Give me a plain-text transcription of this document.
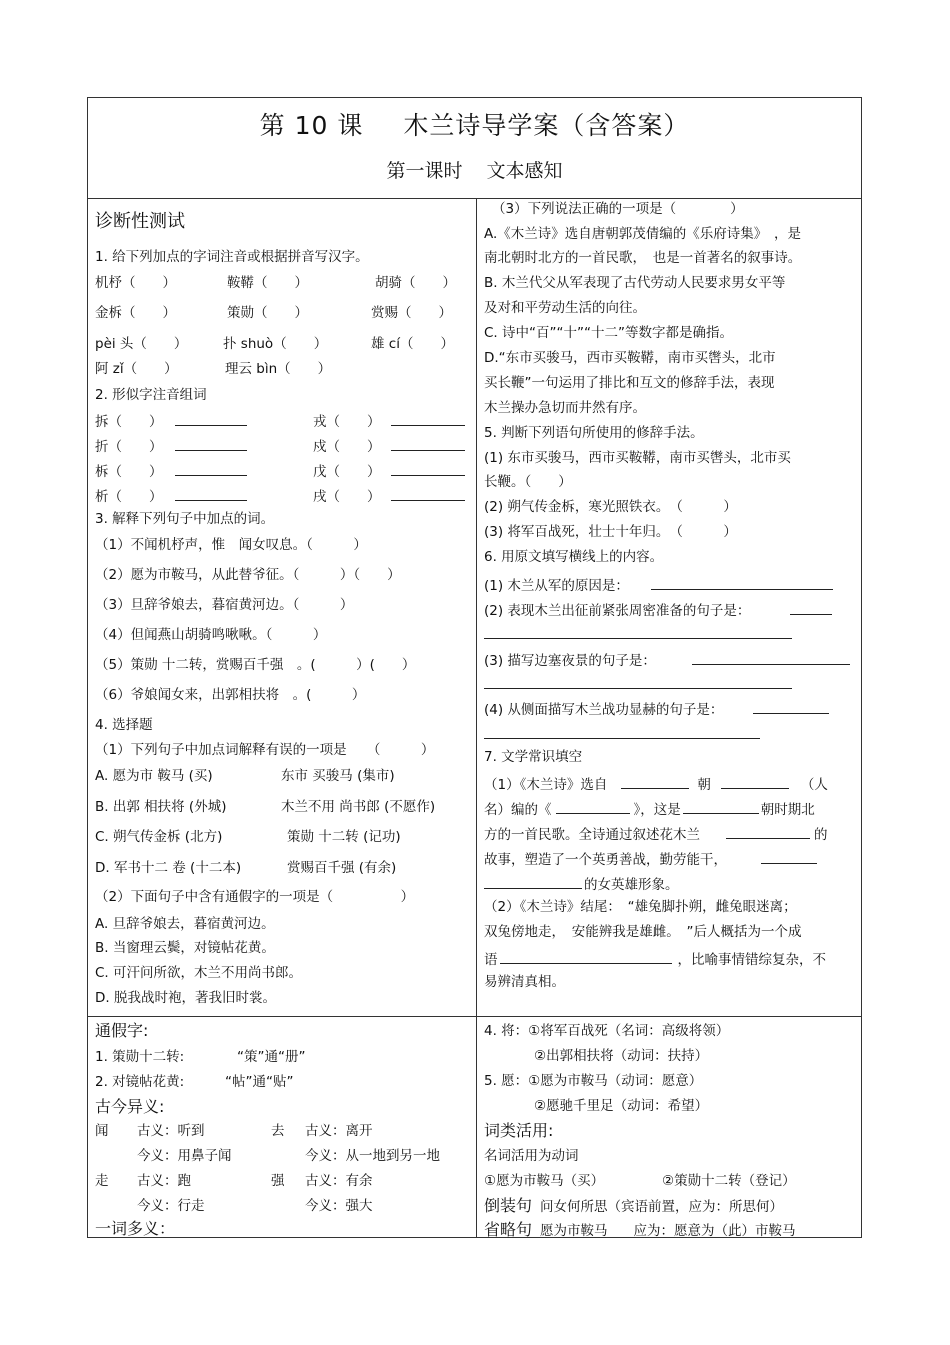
第 10 课 木兰诗导学案（含答案）
第一课时 文本感知
诊断性测试
1. 给下列加点的字词注音或根据拼音写汉字。
机杼（　　）	鞍鞯（　　）	胡骑（　　）
金柝（　　）	策勋（　　）	赏赐（　　）
pèi 头（　　）	扑 shuò（　　）	雄 cí（　　）
阿 zǐ（　　）	理云 bìn（　　）
2. 形似字注音组词
拆（　　）	戎（　　）
折（　　）	戍（　　）
柝（　　）	戊（　　）
析（　　）	戌（　　）
3. 解释下列句子中加点的词。
（1）不闻机杼声，惟　闻女叹息。（　　　）
（2）愿为市鞍马，从此替爷征。（　　　）（　　）
（3）旦辞爷娘去，暮宿黄河边。（　　　）
（4）但闻燕山胡骑鸣啾啾。（　　　）
（5）策勋 十二转，赏赐百千强　。(　　　）(　　）
（6）爷娘闻女来，出郭相扶将　。(　　　）
4. 选择题
（1）下列句子中加点词解释有误的一项是　　（　　　）
A. 愿为市 鞍马 (买)	东市 买骏马 (集市)
B. 出郭 相扶将 (外城)	木兰不用 尚书郎 (不愿作)
C. 朔气传金柝 (北方)	策勋 十二转 (记功)
D. 军书十二 卷 (十二本)	赏赐百千强 (有余)
（2）下面句子中含有通假字的一项是（　　　　　）
A. 旦辞爷娘去，暮宿黄河边。
B. 当窗理云鬓，对镜帖花黄。
C. 可汗问所欲，木兰不用尚书郎。
D. 脱我战时袍，著我旧时裳。
（3）下列说法正确的一项是（　　　　）
A.《木兰诗》选自唐朝郭茂倩编的《乐府诗集》　，是
南北朝时北方的一首民歌，　也是一首著名的叙事诗。
B. 木兰代父从军表现了古代劳动人民要求男女平等
及对和平劳动生活的向往。
C. 诗中“百”“十”“十二”等数字都是确指。
D.“东市买骏马，西市买鞍鞯，南市买辔头，北市
买长鞭”一句运用了排比和互文的修辞手法，表现
木兰操办急切而井然有序。
5. 判断下列语句所使用的修辞手法。
(1) 东市买骏马，西市买鞍鞯，南市买辔头，北市买
长鞭。（　　）
(2) 朔气传金柝，寒光照铁衣。　（　　　）
(3) 将军百战死，壮士十年归。　（　　　）
6. 用原文填写横线上的内容。
(1) 木兰从军的原因是：
(2) 表现木兰出征前紧张周密准备的句子是：
(3) 描写边塞夜景的句子是：
(4) 从侧面描写木兰战功显赫的句子是：
7. 文学常识填空
（1）《木兰诗》选自	朝	（人
名）编的《	》，这是	朝时期北
方的一首民歌。全诗通过叙述花木兰	的
故事，塑造了一个英勇善战，勤劳能干，
的女英雄形象。
（2）《木兰诗》结尾：　“雄兔脚扑朔，雌兔眼迷离；
双兔傍地走，　安能辨我是雄雌。　”后人概括为一个成
语	，比喻事情错综复杂，不
易辨清真相。
通假字:
1. 策勋十二转:	“策”通“册”
2. 对镜帖花黄:	“帖”通“贴”
古今异义:
闻 古义：听到	去 古义：离开
今义：用鼻子闻	今义：从一地到另一地
走 古义：跑	强 古义：有余
今义：行走	今义：强大
一词多义：
4. 将：①将军百战死（名词：高级将领）
②出郭相扶将（动词：扶持）
5. 愿：①愿为市鞍马（动词：愿意）
②愿驰千里足（动词：希望）
词类活用:
名词活用为动词
①愿为市鞍马（买）	②策勋十二转（登记）
倒装句 问女何所思（宾语前置，应为：所思何）
省略句 愿为市鞍马 应为：愿意为（此）市鞍马
